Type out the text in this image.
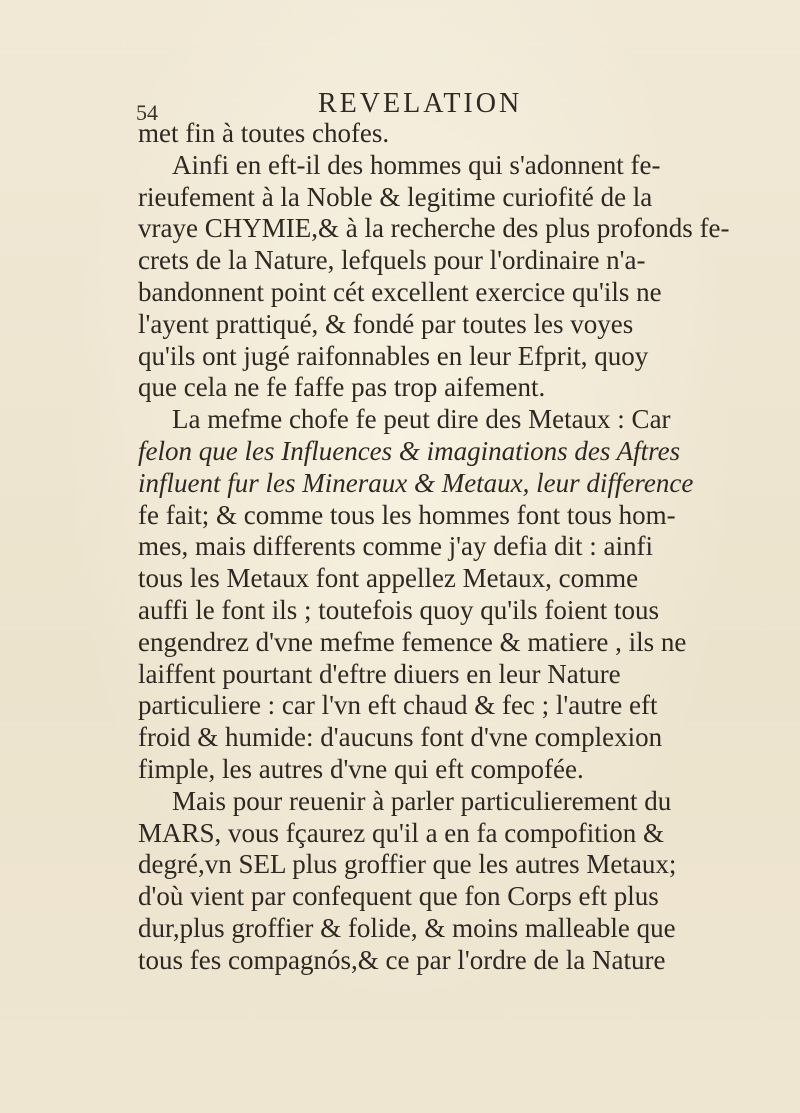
54	REVELATION
met fin à toutes chofes.
Ainfi en eft-il des hommes qui s'adonnent fe-
rieufement à la Noble & legitime curiofité de la
vraye CHYMIE,& à la recherche des plus profonds fe-
crets de la Nature, lefquels pour l'ordinaire n'a-
bandonnent point cét excellent exercice qu'ils ne
l'ayent prattiqué, & fondé par toutes les voyes
qu'ils ont jugé raifonnables en leur Efprit, quoy
que cela ne fe faffe pas trop aifement.
La mefme chofe fe peut dire des Metaux : Car
felon que les Influences & imaginations des Aftres
influent fur les Mineraux & Metaux, leur difference
fe fait; & comme tous les hommes font tous hom-
mes, mais differents comme j'ay defia dit : ainfi
tous les Metaux font appellez Metaux, comme
auffi le font ils ; toutefois quoy qu'ils foient tous
engendrez d'vne mefme femence & matiere , ils ne
laiffent pourtant d'eftre diuers en leur Nature
particuliere : car l'vn eft chaud & fec ; l'autre eft
froid & humide: d'aucuns font d'vne complexion
fimple, les autres d'vne qui eft compofée.
Mais pour reuenir à parler particulierement du
MARS, vous fçaurez qu'il a en fa compofition &
degré,vn SEL plus groffier que les autres Metaux;
d'où vient par confequent que fon Corps eft plus
dur,plus groffier & folide, & moins malleable que
tous fes compagnós,& ce par l'ordre de la Nature
